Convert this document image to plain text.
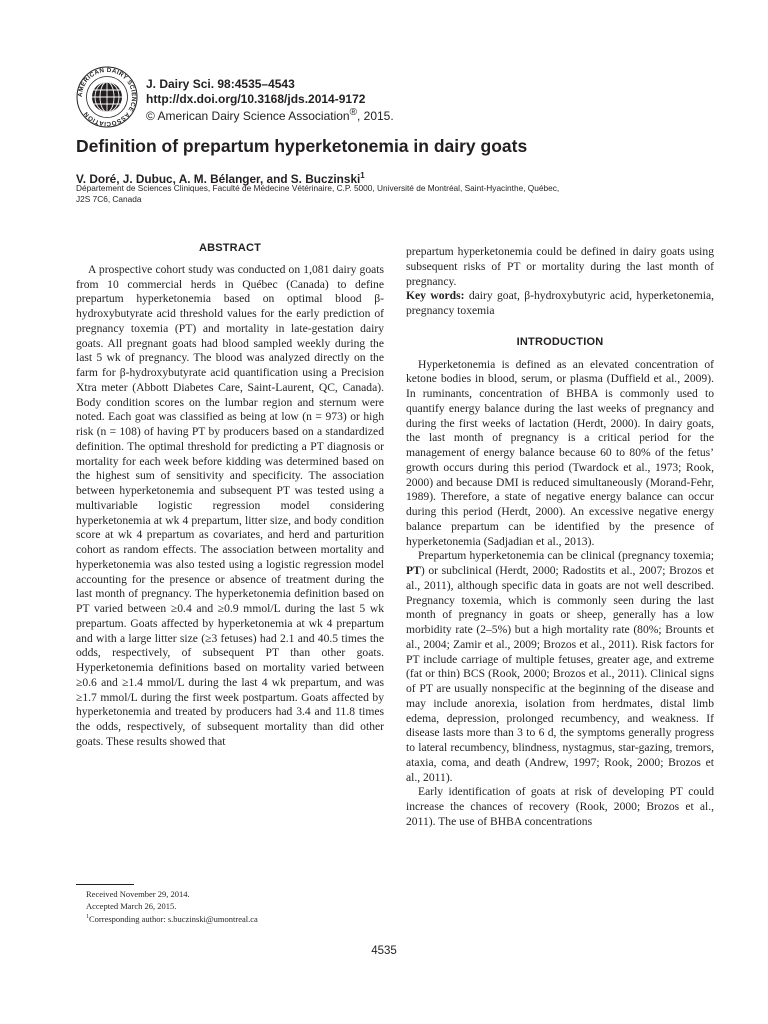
AMERICAN DAIRY SCIENCE ASSOCIATION
J. Dairy Sci. 98:4535–4543
http://dx.doi.org/10.3168/jds.2014-9172
© American Dairy Science Association®, 2015.
Definition of prepartum hyperketonemia in dairy goats
V. Doré, J. Dubuc, A. M. Bélanger, and S. Buczinski$^1$
Département de Sciences Cliniques, Faculté de Médecine Vétérinaire, C.P. 5000, Université de Montréal, Saint-Hyacinthe, Québec,
J2S 7C6, Canada
ABSTRACT

A prospective cohort study was conducted on 1,081 dairy goats from 10 commercial herds in Québec (Canada) to define prepartum hyperketonemia based on optimal blood β-hydroxybutyrate acid threshold values for the early prediction of pregnancy toxemia (PT) and mortality in late-gestation dairy goats. All pregnant goats had blood sampled weekly during the last 5 wk of pregnancy. The blood was analyzed directly on the farm for β-hydroxybutyrate acid quantification using a Precision Xtra meter (Abbott Diabetes Care, Saint-Laurent, QC, Canada). Body condition scores on the lumbar region and sternum were noted. Each goat was classified as being at low (n = 973) or high risk (n = 108) of having PT by producers based on a standardized definition. The optimal threshold for predicting a PT diagnosis or mortality for each week before kidding was determined based on the highest sum of sensitivity and specificity. The association between hyperketonemia and subsequent PT was tested using a multivariable logistic regression model considering hyperketonemia at wk 4 prepartum, litter size, and body condition score at wk 4 prepartum as covariates, and herd and parturition cohort as random effects. The association between mortality and hyperketonemia was also tested using a logistic regression model accounting for the presence or absence of treatment during the last month of pregnancy. The hyperketonemia definition based on PT varied between ≥0.4 and ≥0.9 mmol/L during the last 5 wk prepartum. Goats affected by hyperketonemia at wk 4 prepartum and with a large litter size (≥3 fetuses) had 2.1 and 40.5 times the odds, respectively, of subsequent PT than other goats. Hyperketonemia definitions based on mortality varied between ≥0.6 and ≥1.4 mmol/L during the last 4 wk prepartum, and was ≥1.7 mmol/L during the first week postpartum. Goats affected by hyperketonemia and treated by producers had 3.4 and 11.8 times the odds, respectively, of subsequent mortality than did other goats. These results showed that

prepartum hyperketonemia could be defined in dairy goats using subsequent risks of PT or mortality during the last month of pregnancy.

Key words: dairy goat, β-hydroxybutyric acid, hyperketonemia, pregnancy toxemia

INTRODUCTION

Hyperketonemia is defined as an elevated concentration of ketone bodies in blood, serum, or plasma (Duffield et al., 2009). In ruminants, concentration of BHBA is commonly used to quantify energy balance during the last weeks of pregnancy and during the first weeks of lactation (Herdt, 2000). In dairy goats, the last month of pregnancy is a critical period for the management of energy balance because 60 to 80% of the fetus’ growth occurs during this period (Twardock et al., 1973; Rook, 2000) and because DMI is reduced simultaneously (Morand-Fehr, 1989). Therefore, a state of negative energy balance can occur during this period (Herdt, 2000). An excessive negative energy balance prepartum can be identified by the presence of hyperketonemia (Sadjadian et al., 2013).

Prepartum hyperketonemia can be clinical (pregnancy toxemia; PT) or subclinical (Herdt, 2000; Radostits et al., 2007; Brozos et al., 2011), although specific data in goats are not well described. Pregnancy toxemia, which is commonly seen during the last month of pregnancy in goats or sheep, generally has a low morbidity rate (2–5%) but a high mortality rate (80%; Brounts et al., 2004; Zamir et al., 2009; Brozos et al., 2011). Risk factors for PT include carriage of multiple fetuses, greater age, and extreme (fat or thin) BCS (Rook, 2000; Brozos et al., 2011). Clinical signs of PT are usually nonspecific at the beginning of the disease and may include anorexia, isolation from herdmates, distal limb edema, depression, prolonged recumbency, and weakness. If disease lasts more than 3 to 6 d, the symptoms generally progress to lateral recumbency, blindness, nystagmus, star-gazing, tremors, ataxia, coma, and death (Andrew, 1997; Rook, 2000; Brozos et al., 2011).

Early identification of goats at risk of developing PT could increase the chances of recovery (Rook, 2000; Brozos et al., 2011). The use of BHBA concentrations

Received November 29, 2014.
Accepted March 26, 2015.
$^1$Corresponding author: s.buczinski@umontreal.ca
4535
